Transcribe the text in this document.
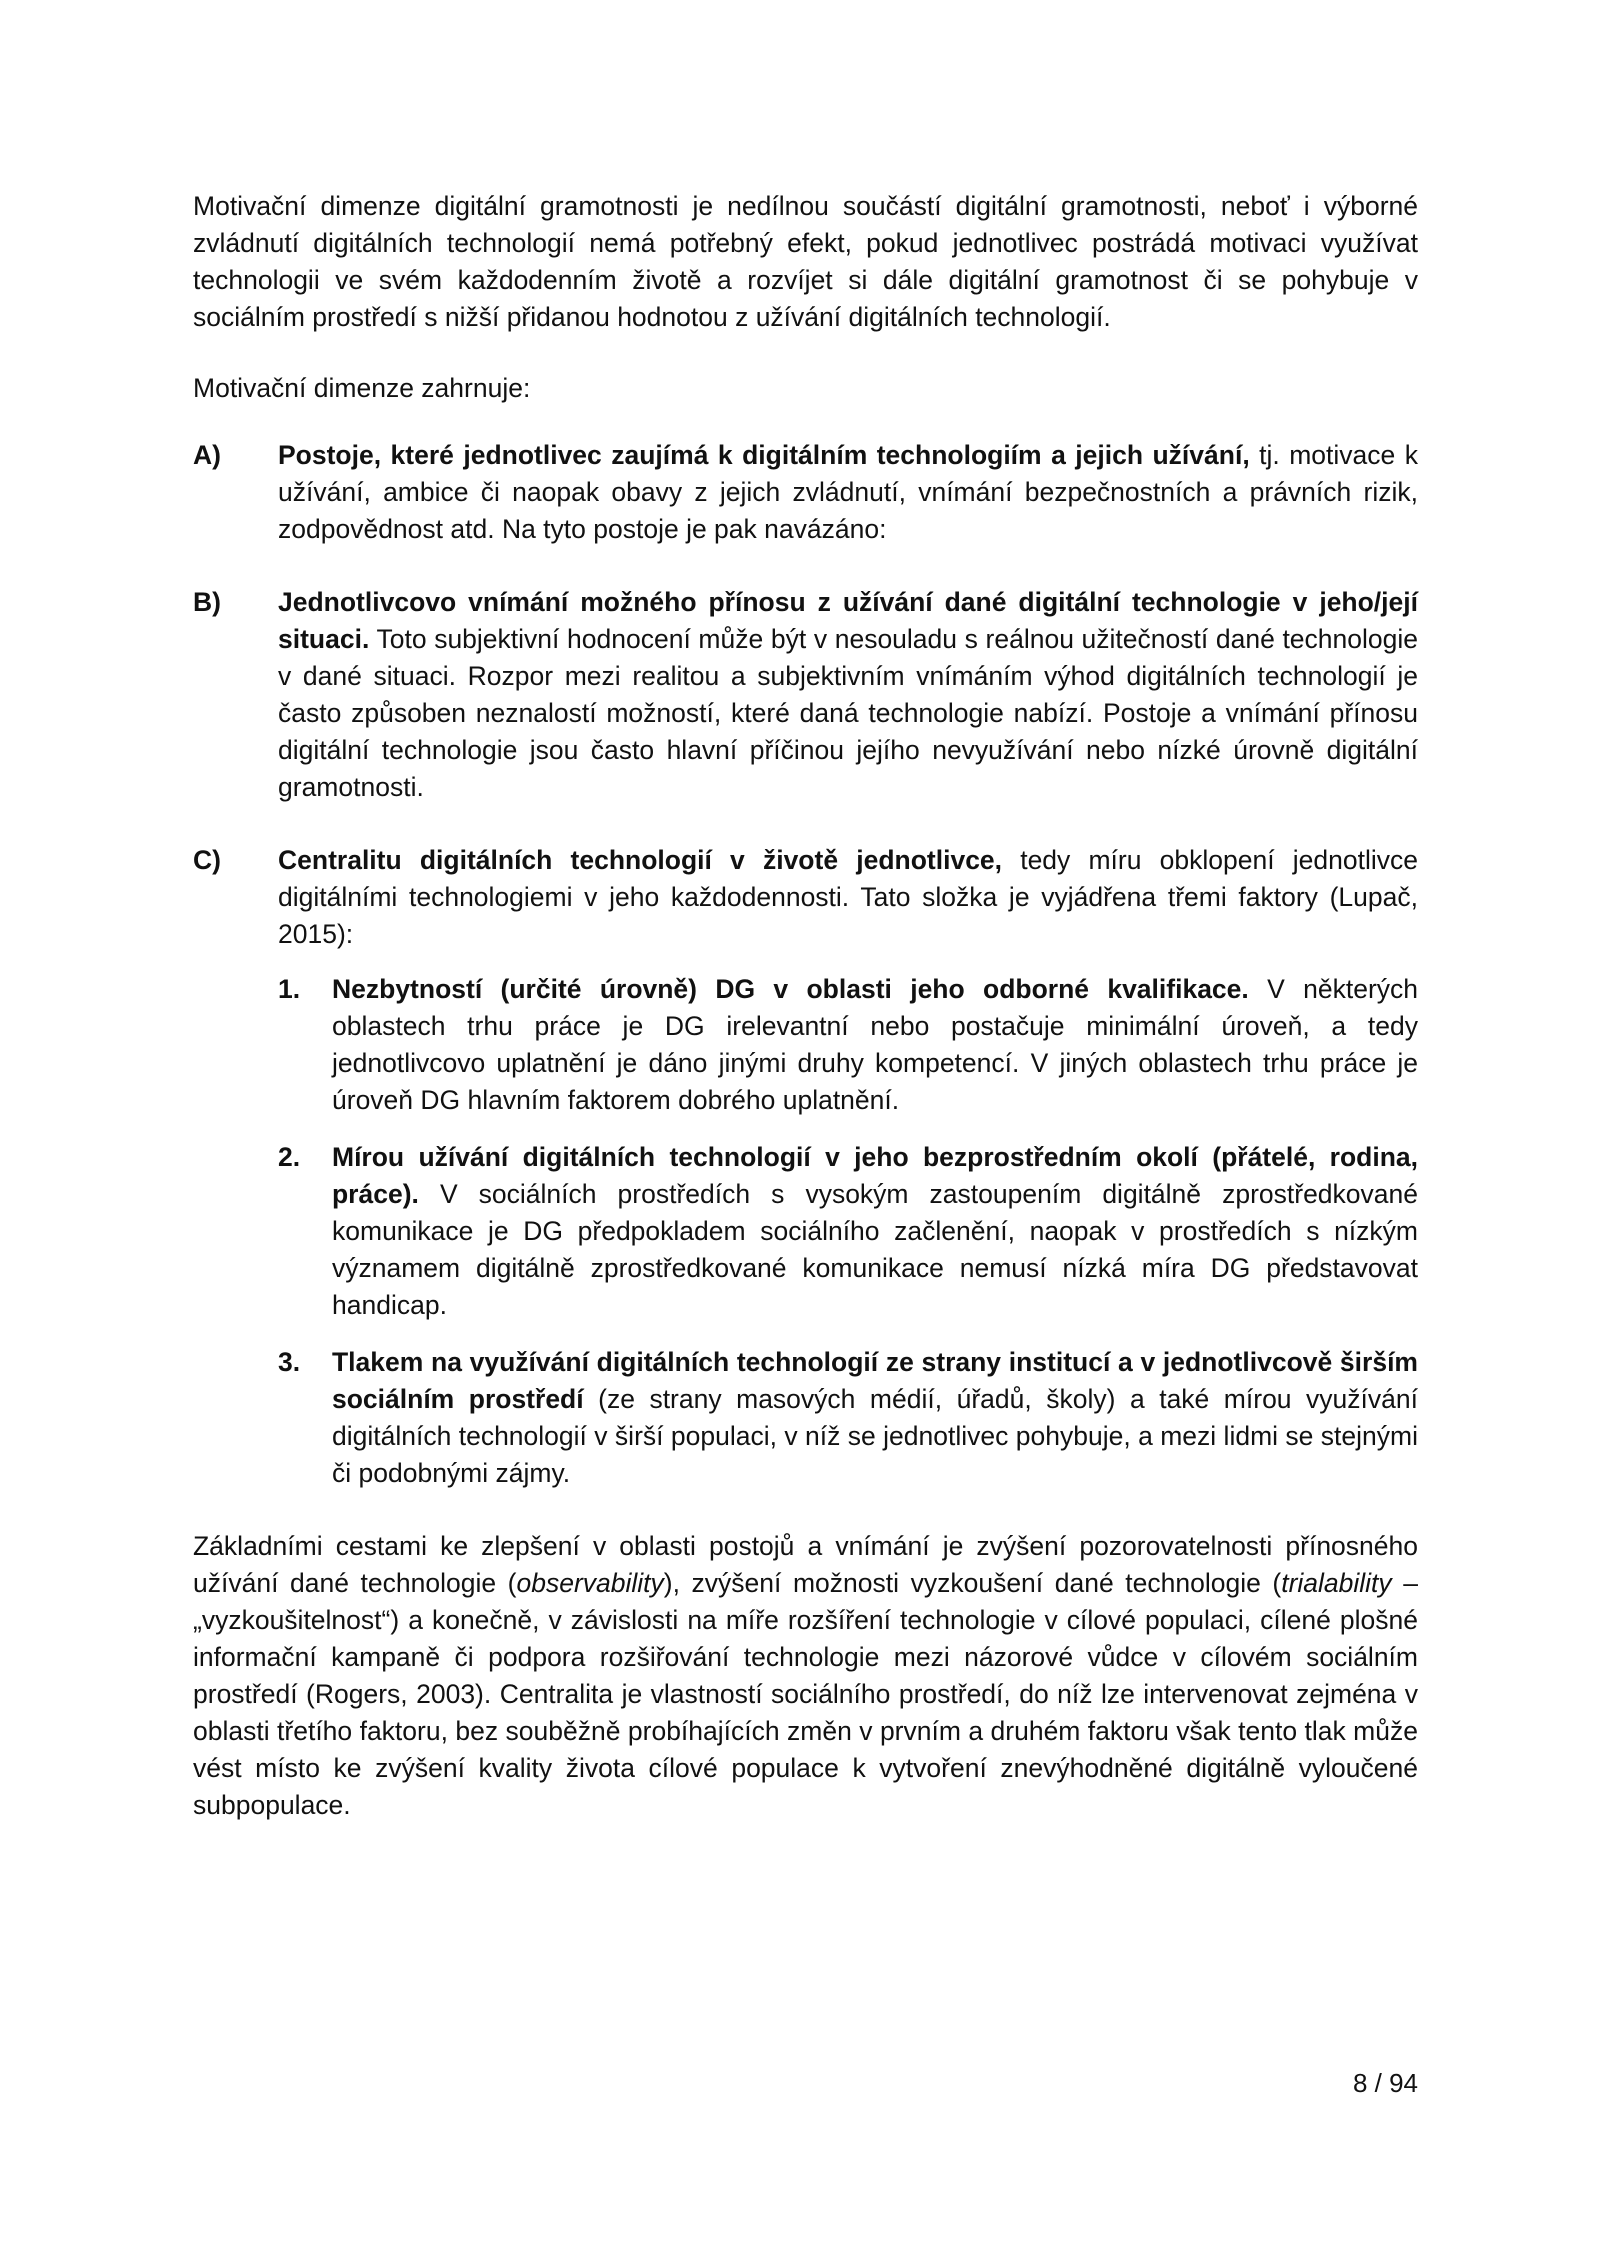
Motivační dimenze digitální gramotnosti je nedílnou součástí digitální gramotnosti, neboť i výborné zvládnutí digitálních technologií nemá potřebný efekt, pokud jednotlivec postrádá motivaci využívat technologii ve svém každodenním životě a rozvíjet si dále digitální gramotnost či se pohybuje v sociálním prostředí s nižší přidanou hodnotou z užívání digitálních technologií.

Motivační dimenze zahrnuje:

A)	Postoje, které jednotlivec zaujímá k digitálním technologiím a jejich užívání, tj. motivace k užívání, ambice či naopak obavy z jejich zvládnutí, vnímání bezpečnostních a právních rizik, zodpovědnost atd. Na tyto postoje je pak navázáno:
B)	Jednotlivcovo vnímání možného přínosu z užívání dané digitální technologie v jeho/její situaci. Toto subjektivní hodnocení může být v nesouladu s reálnou užitečností dané technologie v dané situaci. Rozpor mezi realitou a subjektivním vnímáním výhod digitálních technologií je často způsoben neznalostí možností, které daná technologie nabízí. Postoje a vnímání přínosu digitální technologie jsou často hlavní příčinou jejího nevyužívání nebo nízké úrovně digitální gramotnosti.
C)	Centralitu digitálních technologií v životě jednotlivce, tedy míru obklopení jednotlivce digitálními technologiemi v jeho každodennosti. Tato složka je vyjádřena třemi faktory (Lupač, 2015):
1.	Nezbytností (určité úrovně) DG v oblasti jeho odborné kvalifikace. V některých oblastech trhu práce je DG irelevantní nebo postačuje minimální úroveň, a tedy jednotlivcovo uplatnění je dáno jinými druhy kompetencí. V jiných oblastech trhu práce je úroveň DG hlavním faktorem dobrého uplatnění.
2.	Mírou užívání digitálních technologií v jeho bezprostředním okolí (přátelé, rodina, práce). V sociálních prostředích s vysokým zastoupením digitálně zprostředkované komunikace je DG předpokladem sociálního začlenění, naopak v prostředích s nízkým významem digitálně zprostředkované komunikace nemusí nízká míra DG představovat handicap.
3.	Tlakem na využívání digitálních technologií ze strany institucí a v jednotlivcově širším sociálním prostředí (ze strany masových médií, úřadů, školy) a také mírou využívání digitálních technologií v širší populaci, v níž se jednotlivec pohybuje, a mezi lidmi se stejnými či podobnými zájmy.

Základními cestami ke zlepšení v oblasti postojů a vnímání je zvýšení pozorovatelnosti přínosného užívání dané technologie (observability), zvýšení možnosti vyzkoušení dané technologie (trialability – „vyzkoušitelnost“) a konečně, v závislosti na míře rozšíření technologie v cílové populaci, cílené plošné informační kampaně či podpora rozšiřování technologie mezi názorové vůdce v cílovém sociálním prostředí (Rogers, 2003). Centralita je vlastností sociálního prostředí, do níž lze intervenovat zejména v oblasti třetího faktoru, bez souběžně probíhajících změn v prvním a druhém faktoru však tento tlak může vést místo ke zvýšení kvality života cílové populace k vytvoření znevýhodněné digitálně vyloučené subpopulace.

8 / 94
